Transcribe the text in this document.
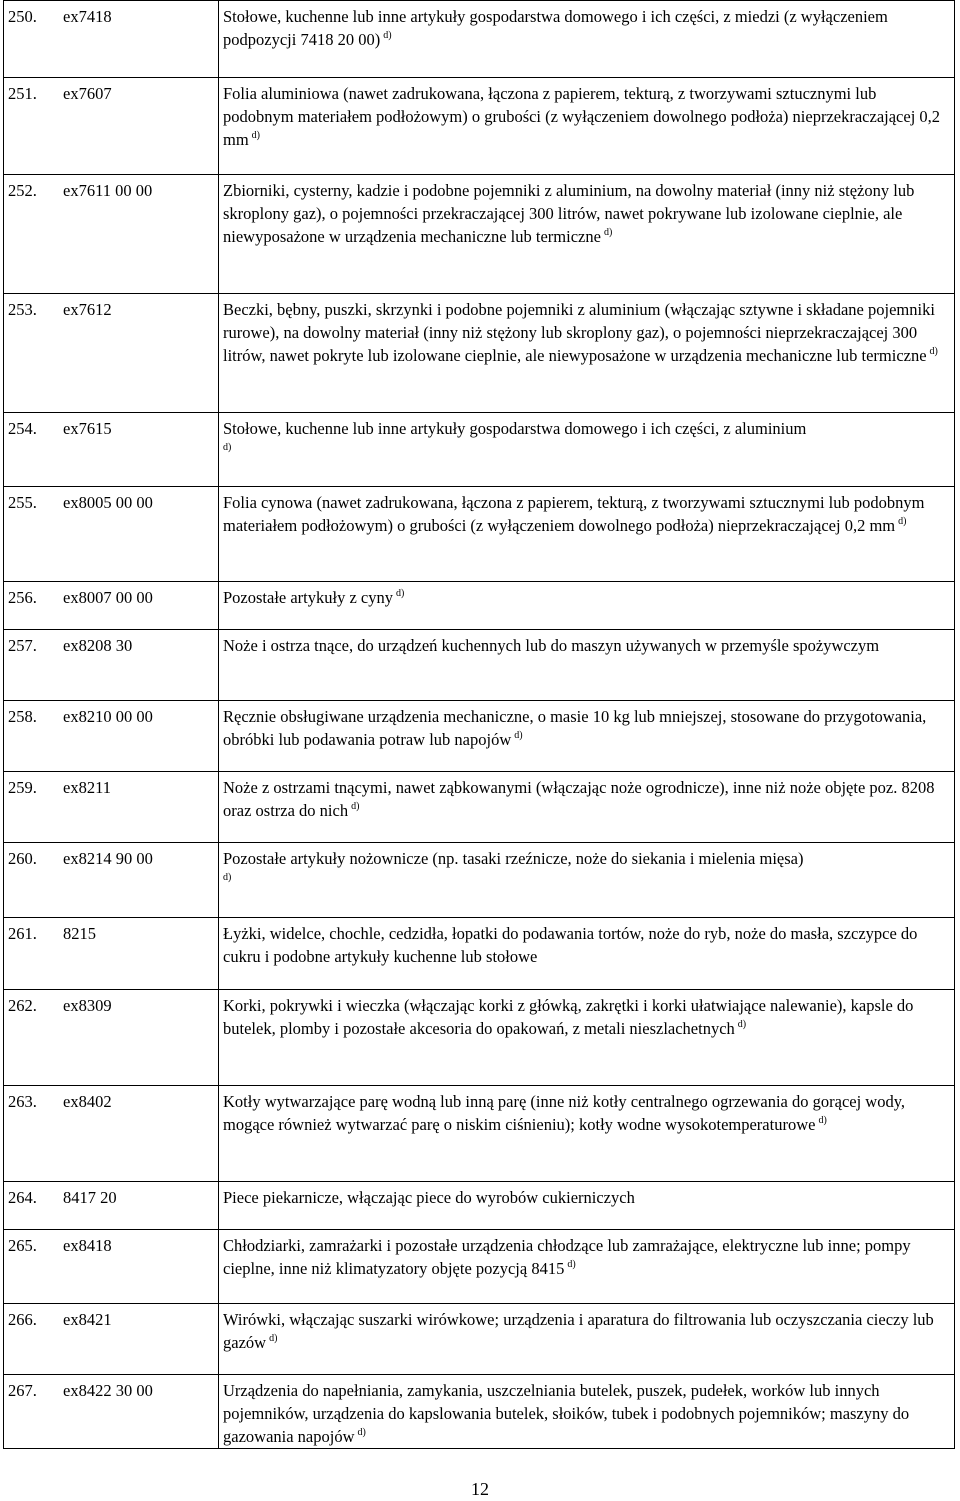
250. ex7418	Stołowe, kuchenne lub inne artykuły gospodarstwa domowego i ich części, z miedzi (z wyłączeniem podpozycji 7418 20 00) $^{d)}$
251. ex7607	Folia aluminiowa (nawet zadrukowana, łączona z papierem, tekturą, z tworzywami sztucznymi lub podobnym materiałem podłożowym) o grubości (z wyłączeniem dowolnego podłoża) nieprzekraczającej 0,2 mm $^{d)}$
252. ex7611 00 00	Zbiorniki, cysterny, kadzie i podobne pojemniki z aluminium, na dowolny materiał (inny niż stężony lub skroplony gaz), o pojemności przekraczającej 300 litrów, nawet pokrywane lub izolowane cieplnie, ale niewyposażone w urządzenia mechaniczne lub termiczne $^{d)}$
253. ex7612	Beczki, bębny, puszki, skrzynki i podobne pojemniki z aluminium (włączając sztywne i składane pojemniki rurowe), na dowolny materiał (inny niż stężony lub skroplony gaz), o pojemności nieprzekraczającej 300 litrów, nawet pokryte lub izolowane cieplnie, ale niewyposażone w urządzenia mechaniczne lub termiczne $^{d)}$
254. ex7615	Stołowe, kuchenne lub inne artykuły gospodarstwa domowego i ich części, z aluminium
$^{d)}$

255. ex8005 00 00	Folia cynowa (nawet zadrukowana, łączona z papierem, tekturą, z tworzywami sztucznymi lub podobnym materiałem podłożowym) o grubości (z wyłączeniem dowolnego podłoża) nieprzekraczającej 0,2 mm $^{d)}$
256. ex8007 00 00	Pozostałe artykuły z cyny $^{d)}$
257. ex8208 30	Noże i ostrza tnące, do urządzeń kuchennych lub do maszyn używanych w przemyśle spożywczym
258. ex8210 00 00	Ręcznie obsługiwane urządzenia mechaniczne, o masie 10 kg lub mniejszej, stosowane do przygotowania, obróbki lub podawania potraw lub napojów $^{d)}$
259. ex8211	Noże z ostrzami tnącymi, nawet ząbkowanymi (włączając noże ogrodnicze), inne niż noże objęte poz. 8208 oraz ostrza do nich $^{d)}$
260. ex8214 90 00	Pozostałe artykuły nożownicze (np. tasaki rzeźnicze, noże do siekania i mielenia mięsa)
$^{d)}$

261. 8215	Łyżki, widelce, chochle, cedzidła, łopatki do podawania tortów, noże do ryb, noże do masła, szczypce do cukru i podobne artykuły kuchenne lub stołowe
262. ex8309	Korki, pokrywki i wieczka (włączając korki z główką, zakrętki i korki ułatwiające nalewanie), kapsle do butelek, plomby i pozostałe akcesoria do opakowań, z metali nieszlachetnych $^{d)}$
263. ex8402	Kotły wytwarzające parę wodną lub inną parę (inne niż kotły centralnego ogrzewania do gorącej wody, mogące również wytwarzać parę o niskim ciśnieniu); kotły wodne wysokotemperaturowe $^{d)}$
264. 8417 20	Piece piekarnicze, włączając piece do wyrobów cukierniczych
265. ex8418	Chłodziarki, zamrażarki i pozostałe urządzenia chłodzące lub zamrażające, elektryczne lub inne; pompy cieplne, inne niż klimatyzatory objęte pozycją 8415 $^{d)}$
266. ex8421	Wirówki, włączając suszarki wirówkowe; urządzenia i aparatura do filtrowania lub oczyszczania cieczy lub gazów $^{d)}$
267. ex8422 30 00	Urządzenia do napełniania, zamykania, uszczelniania butelek, puszek, pudełek, worków lub innych pojemników, urządzenia do kapslowania butelek, słoików, tubek i podobnych pojemników; maszyny do gazowania napojów $^{d)}$
12
